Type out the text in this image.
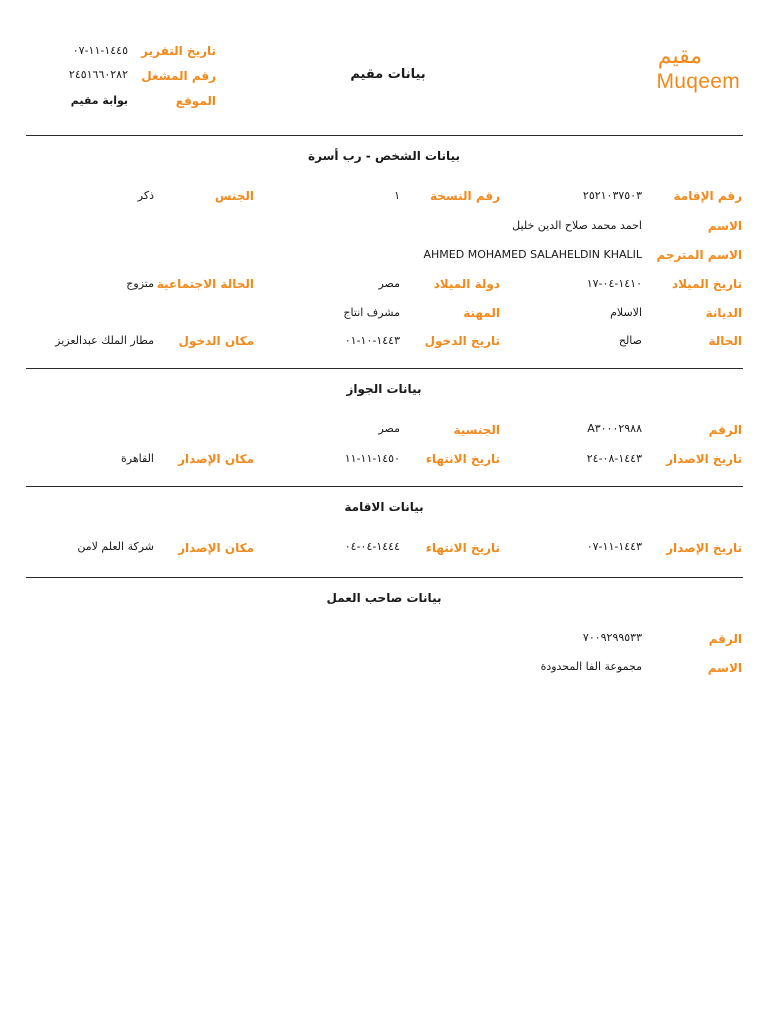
مقيم
Muqeem
بيانات مقيم
تاريخ التقرير
١٤٤٥-١١-٠٧
رقم المشغل
٢٤٥١٦٦٠٢٨٢
الموقع
بوابة مقيم
بيانات الشخص - رب أسرة
رقم الإقامة
٢٥٢١٠٣٧٥٠٣
رقم النسخة
١
الجنس
ذكر
الاسم
احمد محمد صلاح الدين خليل
الاسم المترجم
AHMED MOHAMED SALAHELDIN KHALIL
تاريخ الميلاد
١٤١٠-٠٤-١٧
دولة الميلاد
مصر
الحالة الاجتماعية
متزوج
الديانة
الاسلام
المهنة
مشرف انتاج
الحالة
صالح
تاريخ الدخول
١٤٤٣-١٠-٠١
مكان الدخول
مطار الملك عبدالعزيز
بيانات الجواز
الرقم
A٣٠٠٠٢٩٨٨
الجنسية
مصر
تاريخ الاصدار
١٤٤٣-٠٨-٢٤
تاريخ الانتهاء
١٤٥٠-١١-١١
مكان الإصدار
القاهرة
بيانات الاقامة
تاريخ الإصدار
١٤٤٣-١١-٠٧
تاريخ الانتهاء
١٤٤٤-٠٤-٠٤
مكان الإصدار
شركة العلم لامن
بيانات صاحب العمل
الرقم
٧٠٠٩٢٩٩٥٣٣
الاسم
مجموعة الفا المحدودة
